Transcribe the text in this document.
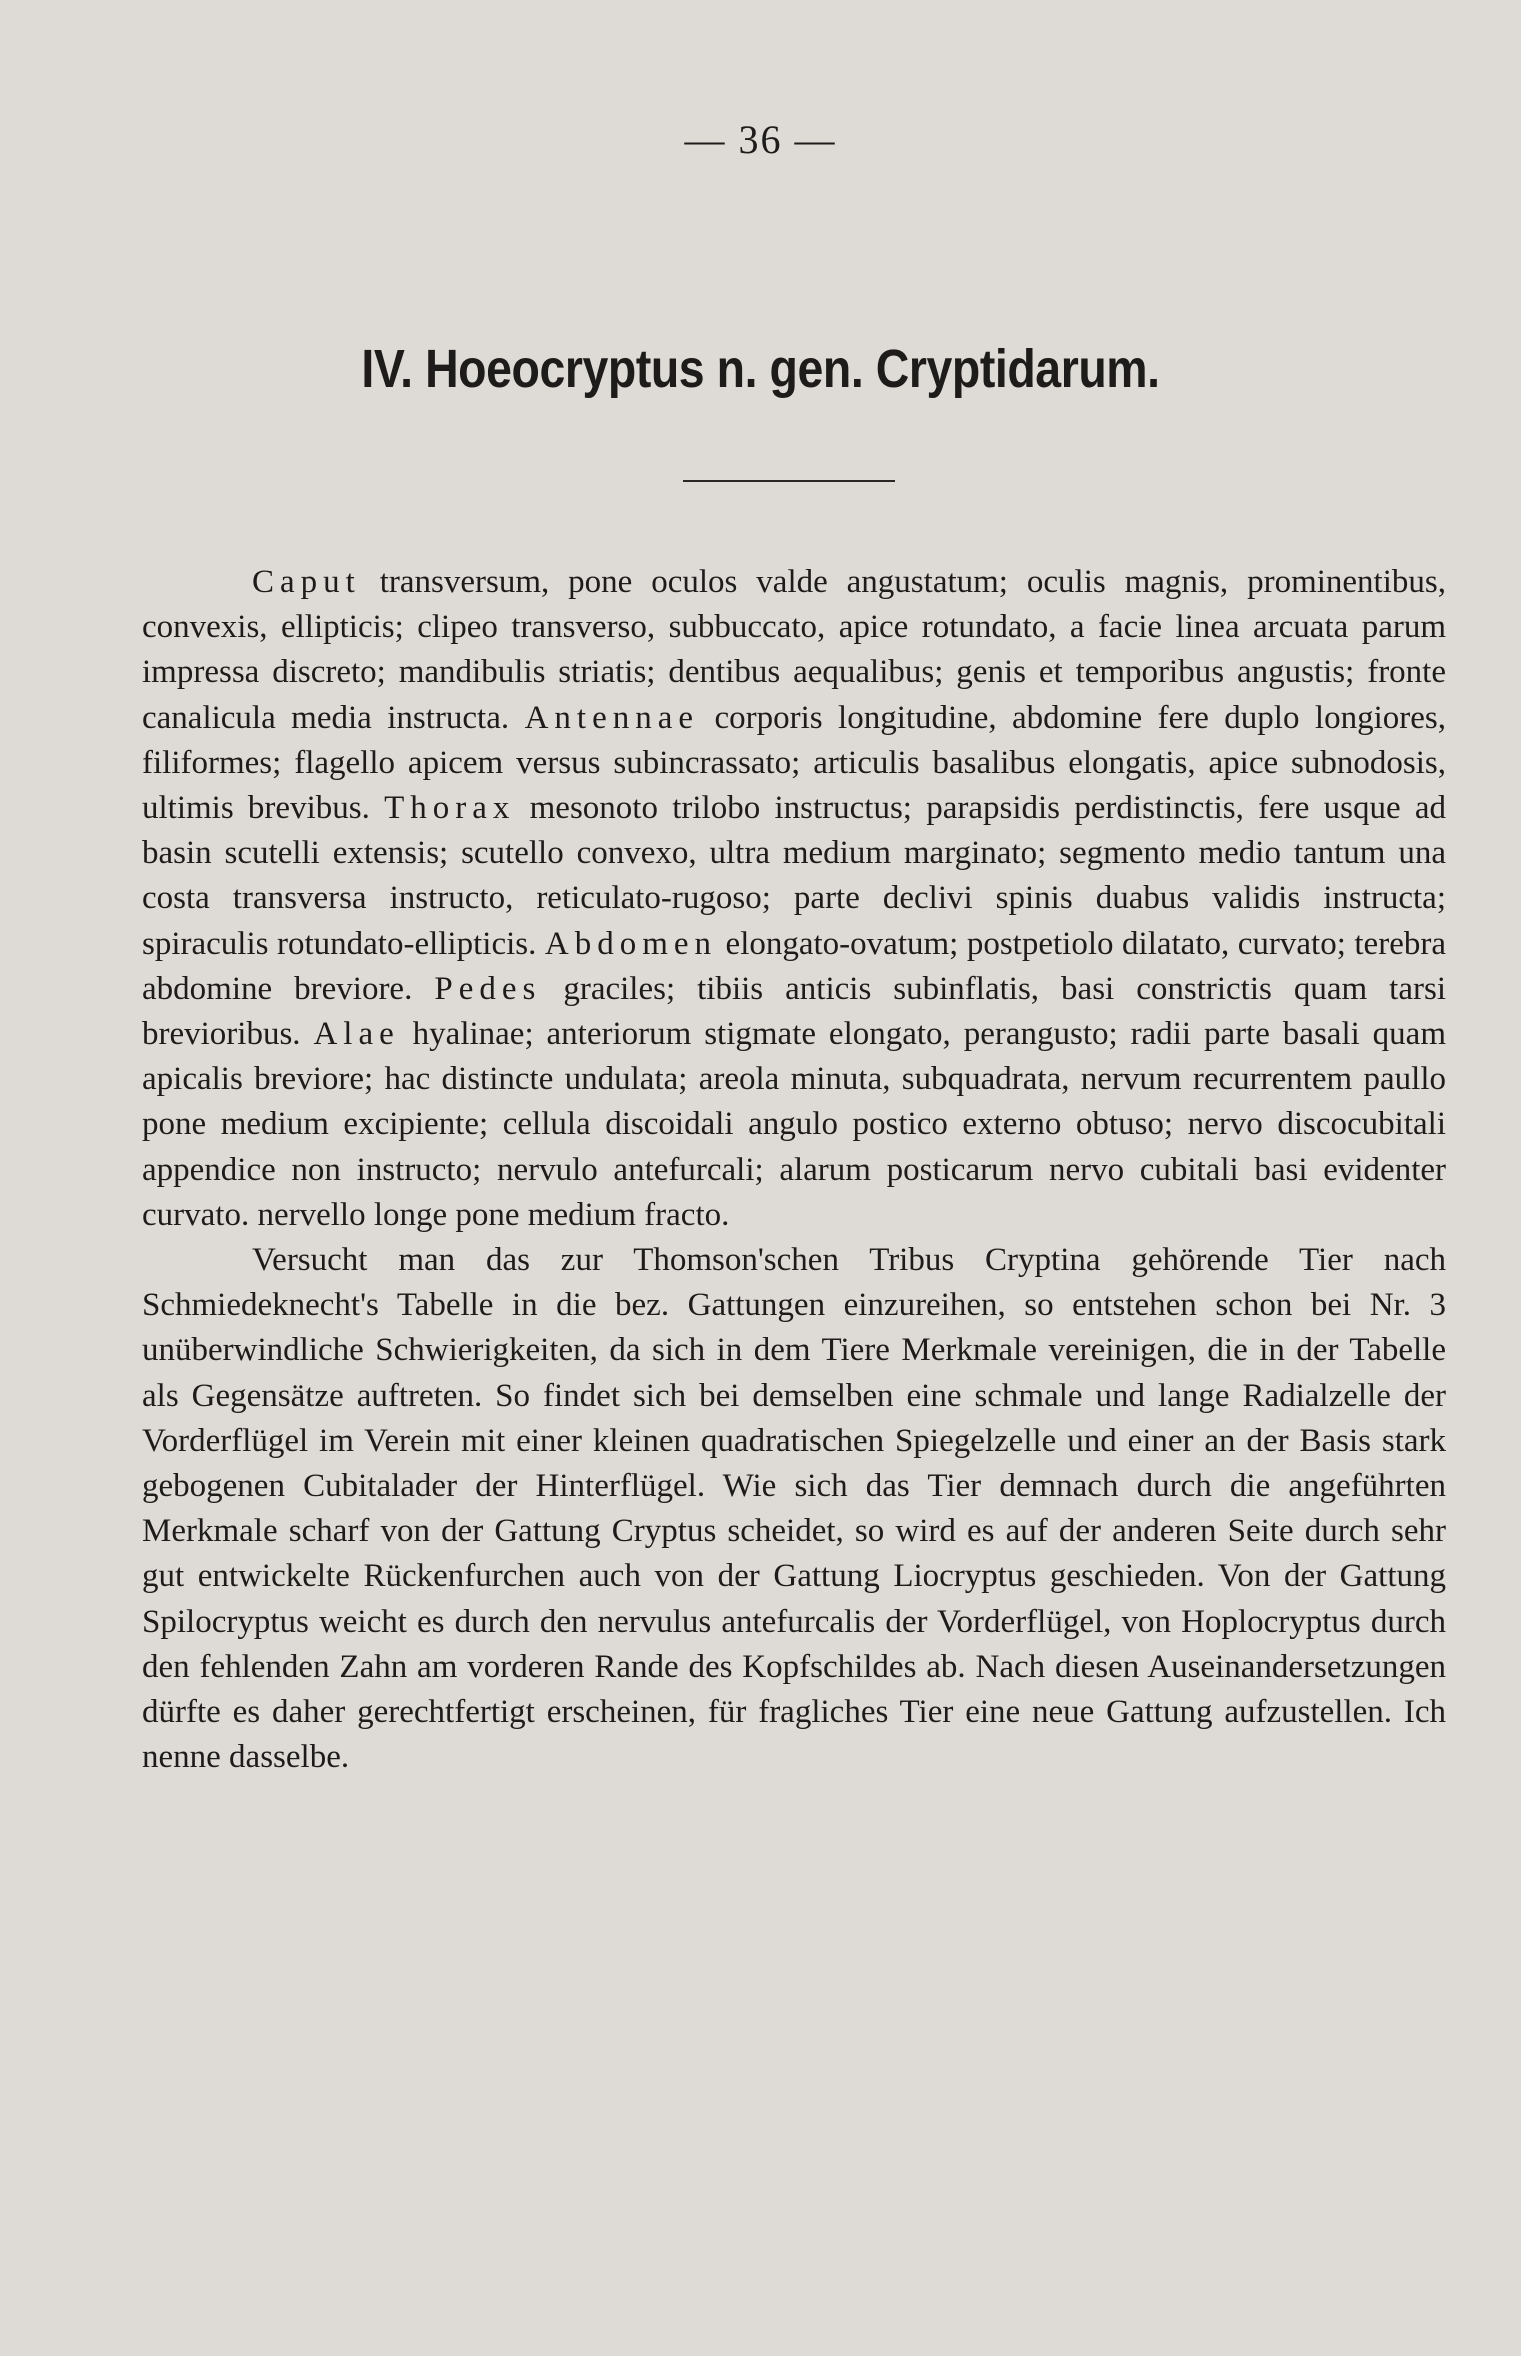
— 36 —
IV. Hoeocryptus n. gen. Cryptidarum.

Caput transversum, pone oculos valde angustatum; oculis magnis, prominentibus, convexis, ellipticis; clipeo transverso, subbuccato, apice rotundato, a facie linea arcuata parum impressa discreto; mandibulis striatis; dentibus aequalibus; genis et temporibus angustis; fronte canalicula media instructa. Antennae corporis longitudine, abdomine fere duplo longiores, filiformes; flagello apicem versus subincrassato; articulis basalibus elongatis, apice subnodosis, ultimis brevibus. Thorax mesonoto trilobo instructus; parapsidis perdistinctis, fere usque ad basin scutelli extensis; scutello convexo, ultra medium marginato; segmento medio tantum una costa transversa instructo, reticulato-rugoso; parte declivi spinis duabus validis instructa; spiraculis rotundato-ellipticis. Abdomen elongato-ovatum; postpetiolo dilatato, curvato; terebra abdomine breviore. Pedes graciles; tibiis anticis subinflatis, basi constrictis quam tarsi brevioribus. Alae hyalinae; anteriorum stigmate elongato, perangusto; radii parte basali quam apicalis breviore; hac distincte undulata; areola minuta, subquadrata, nervum recurrentem paullo pone medium excipiente; cellula discoidali angulo postico externo obtuso; nervo discocubitali appendice non instructo; nervulo antefurcali; alarum posticarum nervo cubitali basi evidenter curvato. nervello longe pone medium fracto.

Versucht man das zur Thomson'schen Tribus Cryptina gehörende Tier nach Schmiedeknecht's Tabelle in die bez. Gattungen einzureihen, so entstehen schon bei Nr. 3 unüberwindliche Schwierigkeiten, da sich in dem Tiere Merkmale vereinigen, die in der Tabelle als Gegensätze auftreten. So findet sich bei demselben eine schmale und lange Radialzelle der Vorderflügel im Verein mit einer kleinen quadratischen Spiegelzelle und einer an der Basis stark gebogenen Cubitalader der Hinterflügel. Wie sich das Tier demnach durch die angeführten Merkmale scharf von der Gattung Cryptus scheidet, so wird es auf der anderen Seite durch sehr gut entwickelte Rückenfurchen auch von der Gattung Liocryptus geschieden. Von der Gattung Spilocryptus weicht es durch den nervulus antefurcalis der Vorderflügel, von Hoplocryptus durch den fehlenden Zahn am vorderen Rande des Kopfschildes ab. Nach diesen Auseinandersetzungen dürfte es daher gerechtfertigt erscheinen, für fragliches Tier eine neue Gattung aufzustellen. Ich nenne dasselbe.
